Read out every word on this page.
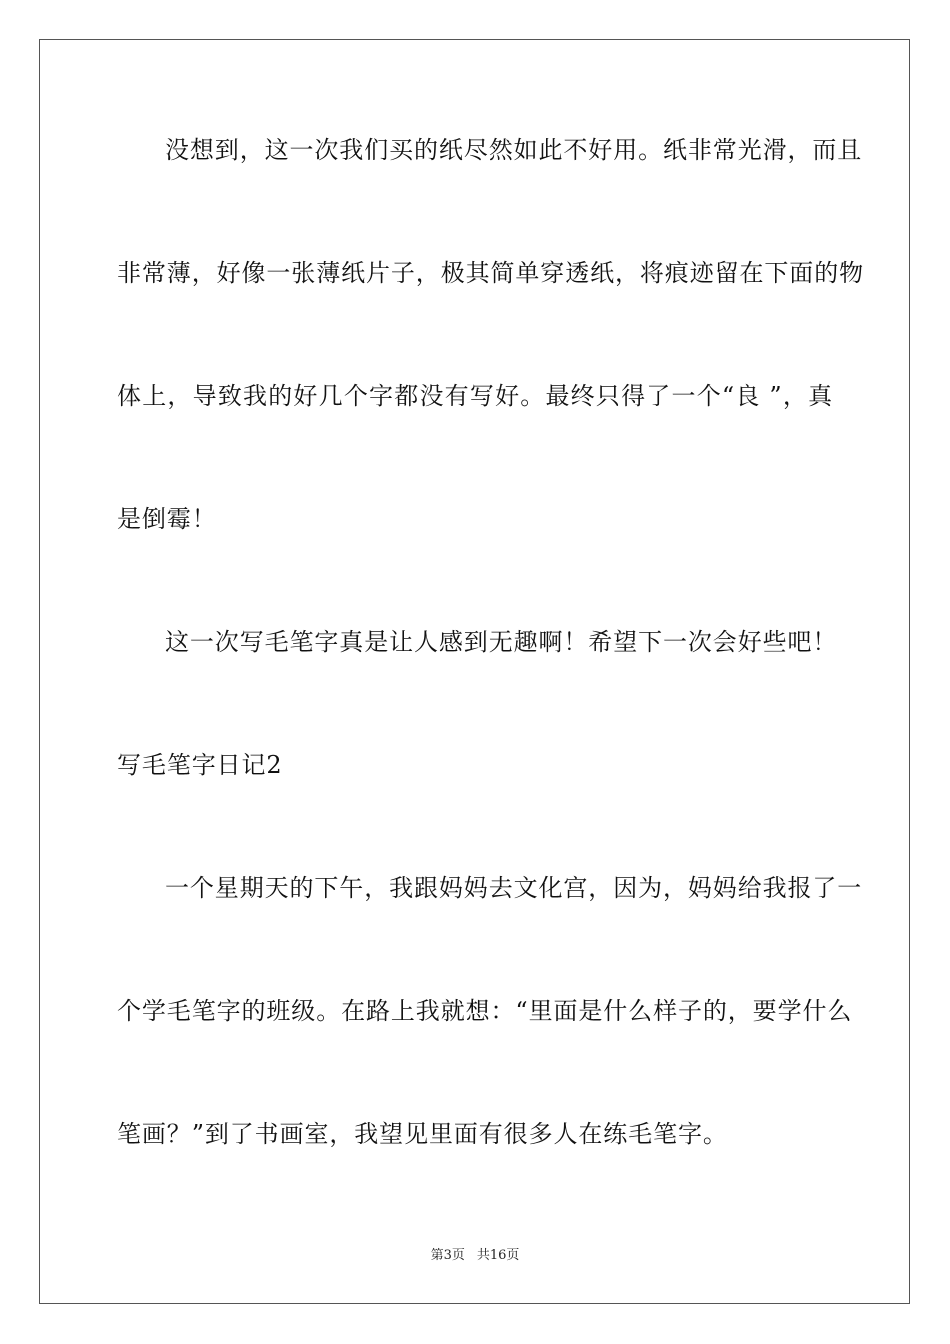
没想到，这一次我们买的纸尽然如此不好用。纸非常光滑，而且
非常薄，好像一张薄纸片子，极其简单穿透纸，将痕迹留在下面的物
体上，导致我的好几个字都没有写好。最终只得了一个“良 ”，真
是倒霉！
这一次写毛笔字真是让人感到无趣啊！希望下一次会好些吧！
写毛笔字日记2
一个星期天的下午，我跟妈妈去文化宫，因为，妈妈给我报了一
个学毛笔字的班级。在路上我就想：“里面是什么样子的，要学什么
笔画？”到了书画室，我望见里面有很多人在练毛笔字。
第3页 共16页
